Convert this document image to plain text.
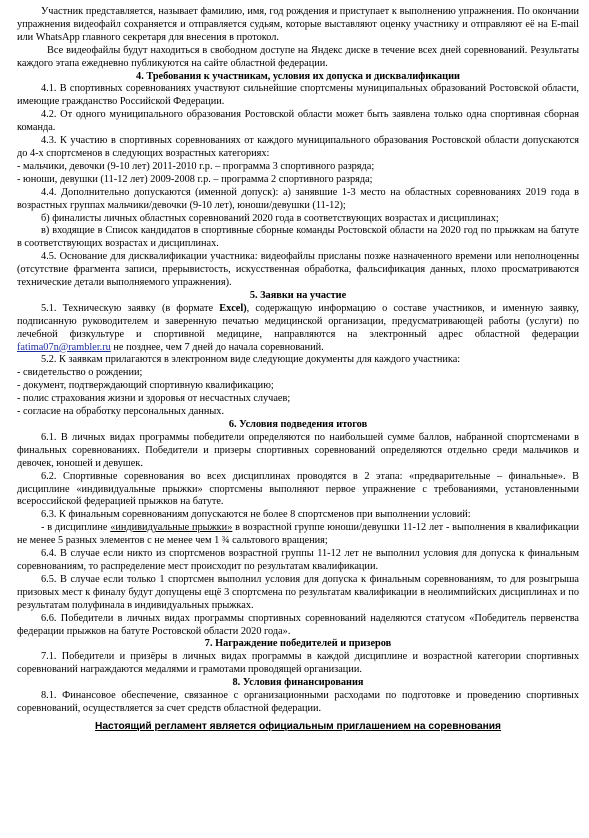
Участник представляется, называет фамилию, имя, год рождения и приступает к выполнению упражнения. По окончании упражнения видеофайл сохраняется и отправляется судьям, которые выставляют оценку участнику и отправляют её на E-mail или WhatsApp главного секретаря для внесения в протокол.

Все видеофайлы будут находиться в свободном доступе на Яндекс диске в течение всех дней соревнований. Результаты каждого этапа ежедневно публикуются на сайте областной федерации.

4. Требования к участникам, условия их допуска и дисквалификации

4.1. В спортивных соревнованиях участвуют сильнейшие спортсмены муниципальных образований Ростовской области, имеющие гражданство Российской Федерации.

4.2. От одного муниципального образования Ростовской области может быть заявлена только одна спортивная сборная команда.

4.3. К участию в спортивных соревнованиях от каждого муниципального образования Ростовской области допускаются до 4-х спортсменов в следующих возрастных категориях:

- мальчики, девочки (9-10 лет) 2011-2010 г.р. – программа 3 спортивного разряда;

- юноши, девушки (11-12 лет) 2009-2008 г.р. – программа 2 спортивного разряда;

4.4. Дополнительно допускаются (именной допуск): а) занявшие 1-3 место на областных соревнованиях 2019 года в возрастных группах мальчики/девочки (9-10 лет), юноши/девушки (11-12);

б) финалисты личных областных соревнований 2020 года в соответствующих возрастах и дисциплинах;

в) входящие в Список кандидатов в спортивные сборные команды Ростовской области на 2020 год по прыжкам на батуте в соответствующих возрастах и дисциплинах.

4.5. Основание для дисквалификации участника: видеофайлы присланы позже назначенного времени или неполноценны (отсутствие фрагмента записи, прерывистость, искусственная обработка, фальсификация данных, плохо просматриваются технические детали выполняемого упражнения).

5. Заявки на участие

5.1. Техническую заявку (в формате Excel), содержащую информацию о составе участников, и именную заявку, подписанную руководителем и заверенную печатью медицинской организации, предусматривающей работы (услуги) по лечебной физкультуре и спортивной медицине, направляются на электронный адрес областной федерации fatima07n@rambler.ru не позднее, чем 7 дней до начала соревнований.

5.2. К заявкам прилагаются в электронном виде следующие документы для каждого участника:

- свидетельство о рождении;

- документ, подтверждающий спортивную квалификацию;

- полис страхования жизни и здоровья от несчастных случаев;

- согласие на обработку персональных данных.

6. Условия подведения итогов

6.1. В личных видах программы победители определяются по наибольшей сумме баллов, набранной спортсменами в финальных соревнованиях. Победители и призеры спортивных соревнований определяются отдельно среди мальчиков и девочек, юношей и девушек.

6.2. Спортивные соревнования во всех дисциплинах проводятся в 2 этапа: «предварительные – финальные». В дисциплине «индивидуальные прыжки» спортсмены выполняют первое упражнение с требованиями, установленными всероссийской федерацией прыжков на батуте.

6.3. К финальным соревнованиям допускаются не более 8 спортсменов при выполнении условий:

- в дисциплине «индивидуальные прыжки» в возрастной группе юноши/девушки 11-12 лет - выполнения в квалификации не менее 5 разных элементов с не менее чем 1 ¾ сальтового вращения;

6.4. В случае если никто из спортсменов возрастной группы 11-12 лет не выполнил условия для допуска к финальным соревнованиям, то распределение мест происходит по результатам квалификации.

6.5. В случае если только 1 спортсмен выполнил условия для допуска к финальным соревнованиям, то для розыгрыша призовых мест к финалу будут допущены ещё 3 спортсмена по результатам квалификации в неолимпийских дисциплинах и по результатам полуфинала в индивидуальных прыжках.

6.6. Победители в личных видах программы спортивных соревнований наделяются статусом «Победитель первенства федерации прыжков на батуте Ростовской области 2020 года».

7. Награждение победителей и призеров

7.1. Победители и призёры в личных видах программы в каждой дисциплине и возрастной категории спортивных соревнований награждаются медалями и грамотами проводящей организации.

8. Условия финансирования

8.1. Финансовое обеспечение, связанное с организационными расходами по подготовке и проведению спортивных соревнований, осуществляется за счет средств областной федерации.

Настоящий регламент является официальным приглашением на соревнования
